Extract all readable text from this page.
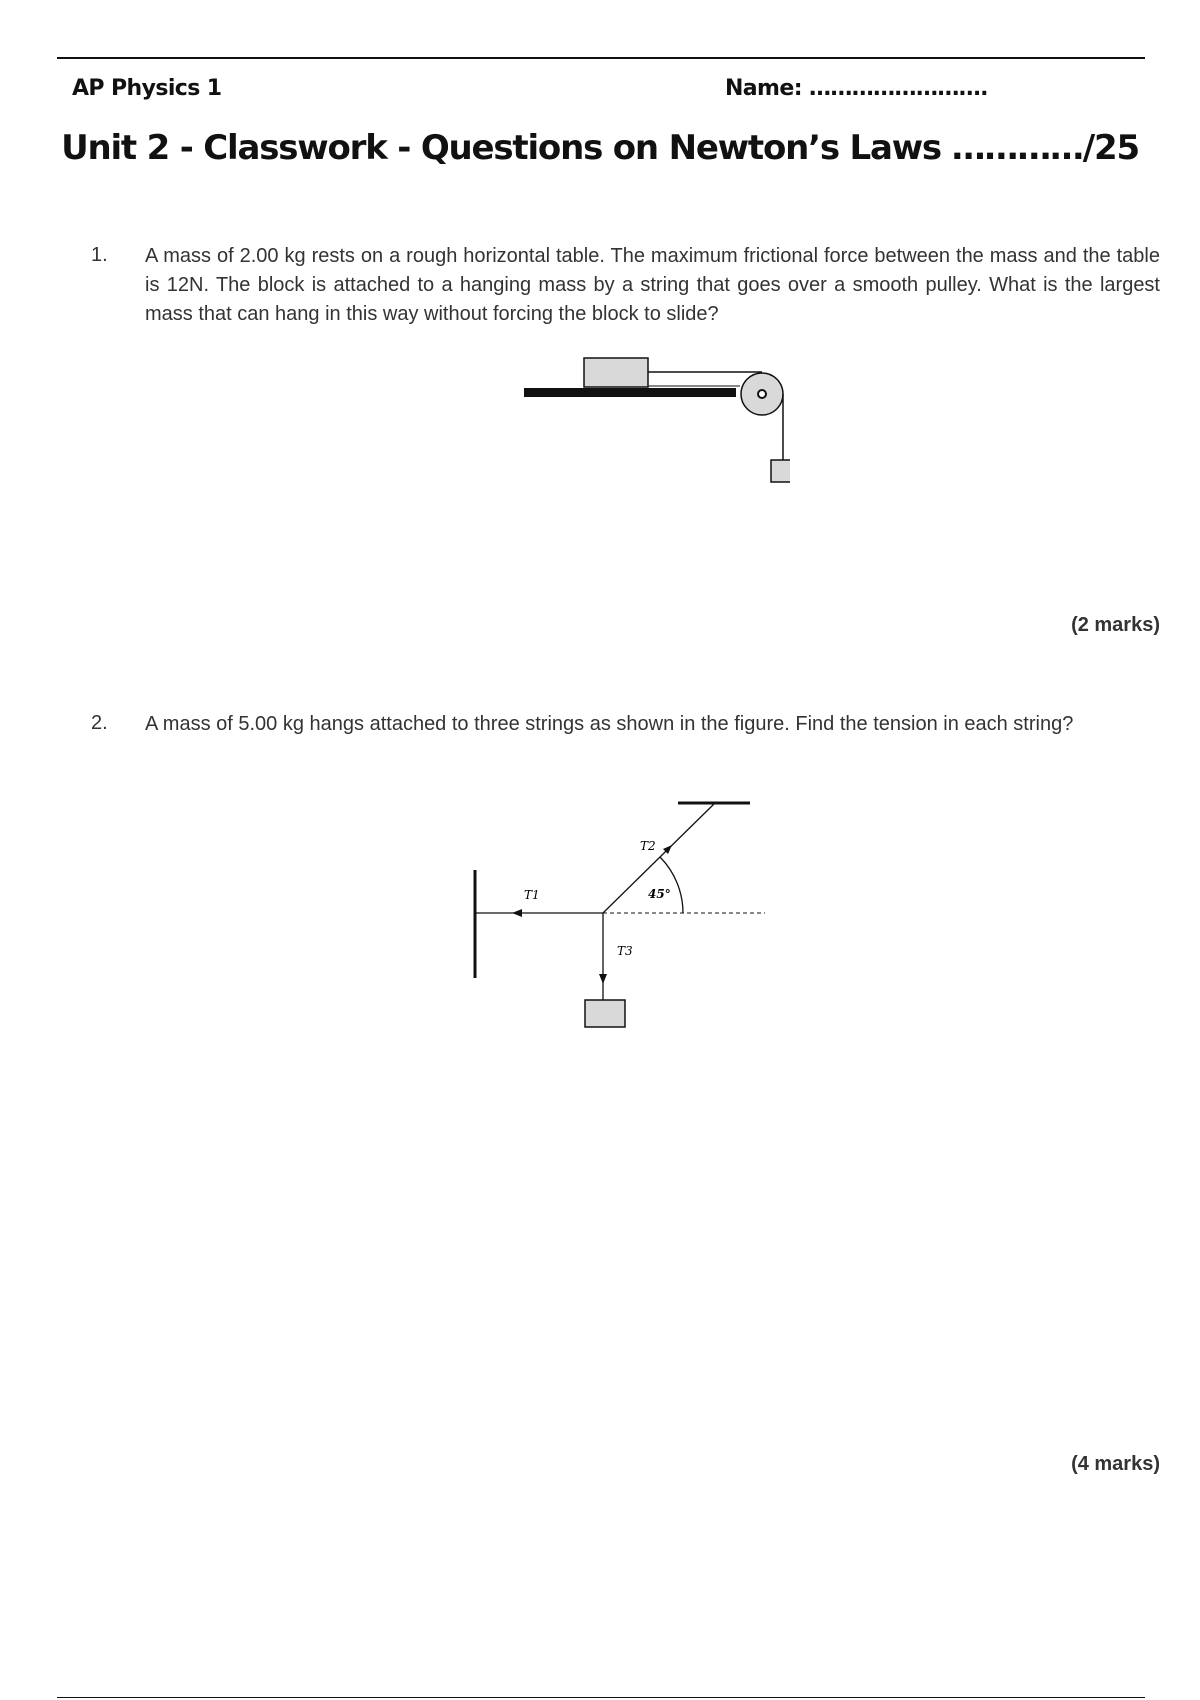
AP Physics 1	Name: …………………….
Unit 2 - Classwork - Questions on Newton’s Laws …………/25
1. A mass of 2.00 kg rests on a rough horizontal table. The maximum frictional force between the mass and the table is 12N. The block is attached to a hanging mass by a string that goes over a smooth pulley. What is the largest mass that can hang in this way without forcing the block to slide?

(2 marks)
2. A mass of 5.00 kg hangs attached to three strings as shown in the figure. Find the tension in each string?

T1
T2
T3
45°
(4 marks)
